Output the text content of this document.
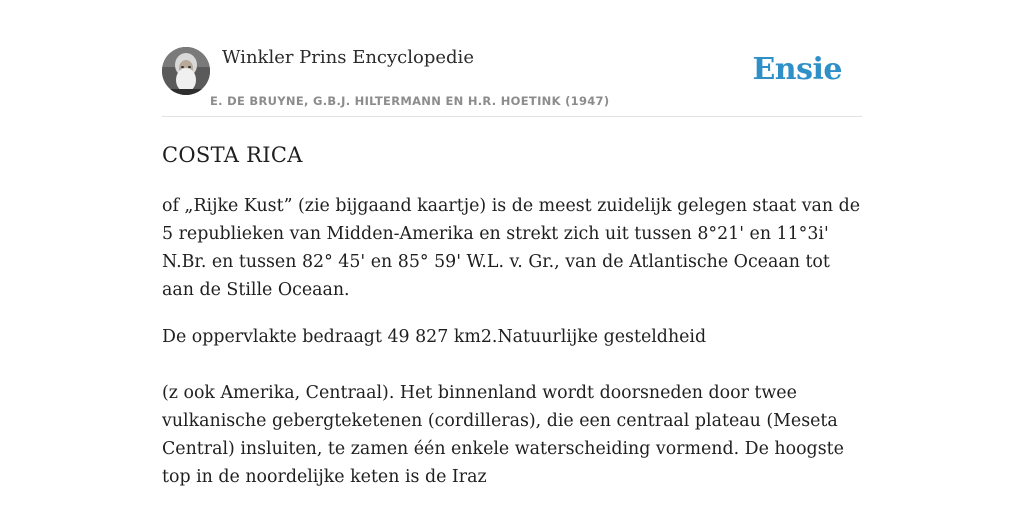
Winkler Prins Encyclopedie
E. DE BRUYNE, G.B.J. HILTERMANN EN H.R. HOETINK (1947)
Ensie
COSTA RICA

of „Rijke Kust” (zie bijgaand kaartje) is de meest zuidelijk gelegen staat van de 5 republieken van Midden-Amerika en strekt zich uit tussen 8°21' en 11°3i' N.Br. en tussen 82° 45' en 85° 59' W.L. v. Gr., van de Atlantische Oceaan tot aan de Stille Oceaan.

De oppervlakte bedraagt 49 827 km2.Natuurlijke gesteldheid

(z ook Amerika, Centraal). Het binnenland wordt doorsneden door twee vulkanische gebergteketenen (cordilleras), die een centraal plateau (Meseta Central) insluiten, te zamen één enkele waterscheiding vormend. De hoogste top in de noordelijke keten is de Iraz
